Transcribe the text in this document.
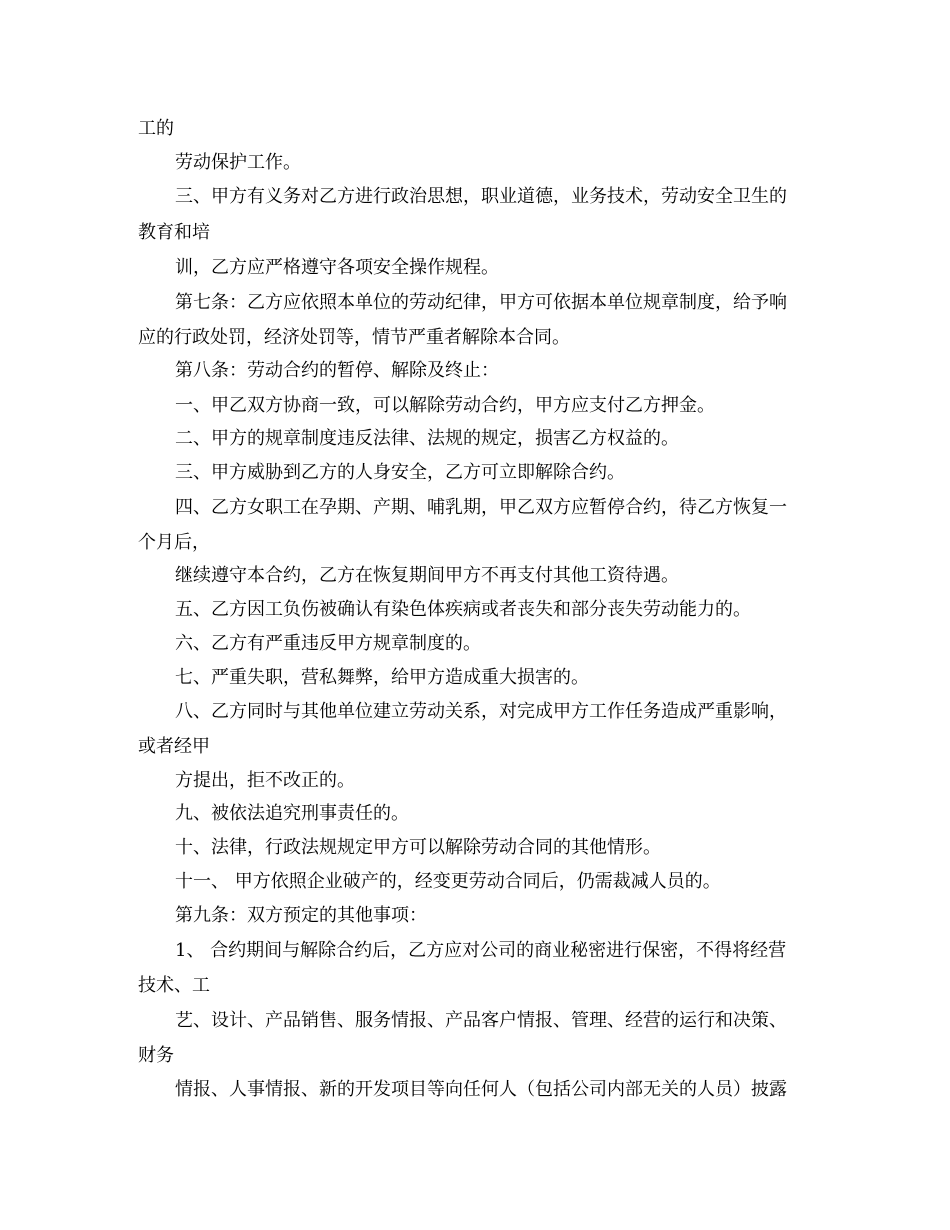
工的
劳动保护工作。
三、甲方有义务对乙方进行政治思想，职业道德，业务技术，劳动安全卫生的
教育和培
训，乙方应严格遵守各项安全操作规程。
第七条：乙方应依照本单位的劳动纪律，甲方可依据本单位规章制度，给予响
应的行政处罚，经济处罚等，情节严重者解除本合同。
第八条：劳动合约的暂停、解除及终止：
一、甲乙双方协商一致，可以解除劳动合约，甲方应支付乙方押金。
二、甲方的规章制度违反法律、法规的规定，损害乙方权益的。
三、甲方威胁到乙方的人身安全，乙方可立即解除合约。
四、乙方女职工在孕期、产期、哺乳期，甲乙双方应暂停合约，待乙方恢复一
个月后，
继续遵守本合约，乙方在恢复期间甲方不再支付其他工资待遇。
五、乙方因工负伤被确认有染色体疾病或者丧失和部分丧失劳动能力的。
六、乙方有严重违反甲方规章制度的。
七、严重失职，营私舞弊，给甲方造成重大损害的。
八、乙方同时与其他单位建立劳动关系，对完成甲方工作任务造成严重影响，
或者经甲
方提出，拒不改正的。
九、被依法追究刑事责任的。
十、法律，行政法规规定甲方可以解除劳动合同的其他情形。
十一、 甲方依照企业破产的，经变更劳动合同后，仍需裁减人员的。
第九条：双方预定的其他事项：
1、 合约期间与解除合约后，乙方应对公司的商业秘密进行保密，不得将经营
技术、工
艺、设计、产品销售、服务情报、产品客户情报、管理、经营的运行和决策、
财务
情报、人事情报、新的开发项目等向任何人（包括公司内部无关的人员）披露
